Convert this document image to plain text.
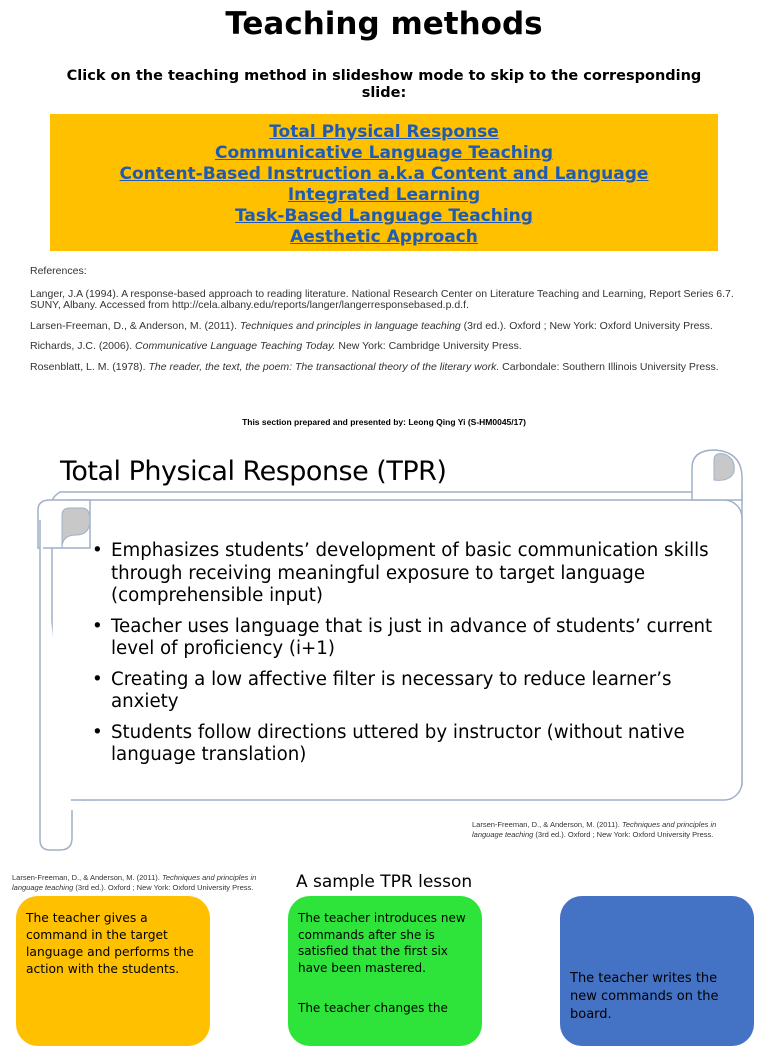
Teaching methods
Click on the teaching method in slideshow mode to skip to the corresponding slide:
Total Physical Response
Communicative Language Teaching
Content-Based Instruction a.k.a Content and Language
Integrated Learning
Task-Based Language Teaching
Aesthetic Approach

References:

Langer, J.A (1994). A response-based approach to reading literature. National Research Center on Literature Teaching and Learning, Report Series 6.7. SUNY, Albany. Accessed from http://cela.albany.edu/reports/langer/langerresponsebased.p.d.f.

Larsen-Freeman, D., & Anderson, M. (2011). Techniques and principles in language teaching (3rd ed.). Oxford ; New York: Oxford University Press.

Richards, J.C. (2006). Communicative Language Teaching Today. New York: Cambridge University Press.

Rosenblatt, L. M. (1978). The reader, the text, the poem: The transactional theory of the literary work. Carbondale: Southern Illinois University Press.

This section prepared and presented by: Leong Qing Yi (S-HM0045/17)
Total Physical Response (TPR)
• Emphasizes students’ development of basic communication skills through receiving meaningful exposure to target language (comprehensible input)
• Teacher uses language that is just in advance of students’ current level of proficiency (i+1)
• Creating a low affective filter is necessary to reduce learner’s anxiety
• Students follow directions uttered by instructor (without native language translation)
Larsen-Freeman, D., & Anderson, M. (2011). Techniques and principles in language teaching (3rd ed.). Oxford ; New York: Oxford University Press.
Larsen-Freeman, D., & Anderson, M. (2011). Techniques and principles in language teaching (3rd ed.). Oxford ; New York: Oxford University Press.	A sample TPR lesson
The teacher gives a command in the target language and performs the action with the students.
The teacher introduces new commands after she is satisfied that the first six have been mastered.
The teacher changes the
The teacher writes the new commands on the board.
